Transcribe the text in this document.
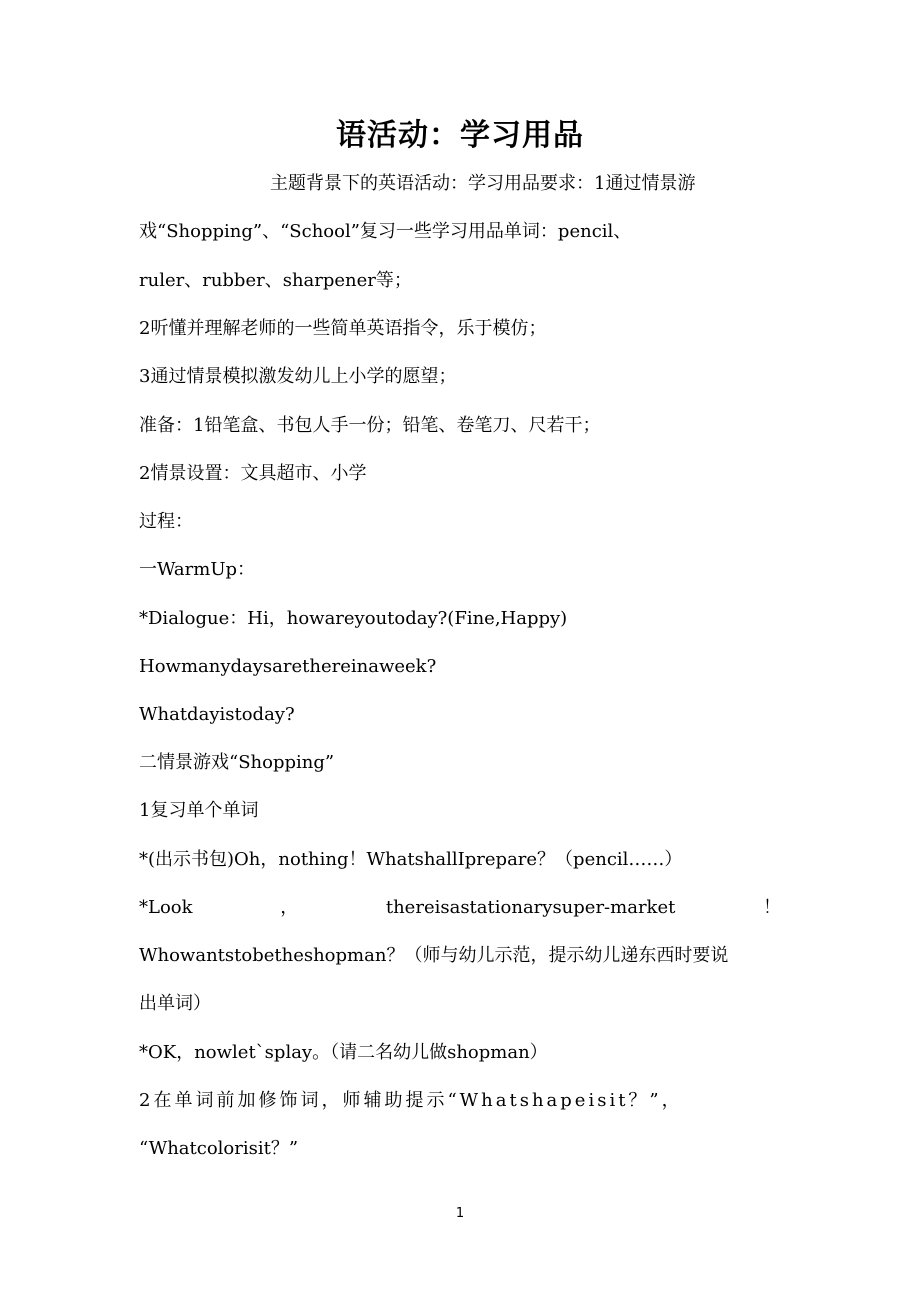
语活动：学习用品
主题背景下的英语活动：学习用品要求：1通过情景游
戏“Shopping”、“School”复习一些学习用品单词：pencil、
ruler、rubber、sharpener等；
2听懂并理解老师的一些简单英语指令，乐于模仿；
3通过情景模拟激发幼儿上小学的愿望；
准备：1铅笔盒、书包人手一份；铅笔、卷笔刀、尺若干；
2情景设置：文具超市、小学
过程：
一WarmUp：
*Dialogue：Hi，howareyoutoday?(Fine,Happy)
Howmanydaysarethereinaweek?
Whatdayistoday?
二情景游戏“Shopping”
1复习单个单词
*(出示书包)Oh，nothing！WhatshallIprepare？（pencil……）
*Look	，	thereisastationarysuper-market	！
Whowantstobetheshopman？（师与幼儿示范，提示幼儿递东西时要说
出单词）
*OK，nowlet`splay。（请二名幼儿做shopman）
2在单词前加修饰词，师辅助提示“Whatshapeisit？”，
“Whatcolorisit？”
1
